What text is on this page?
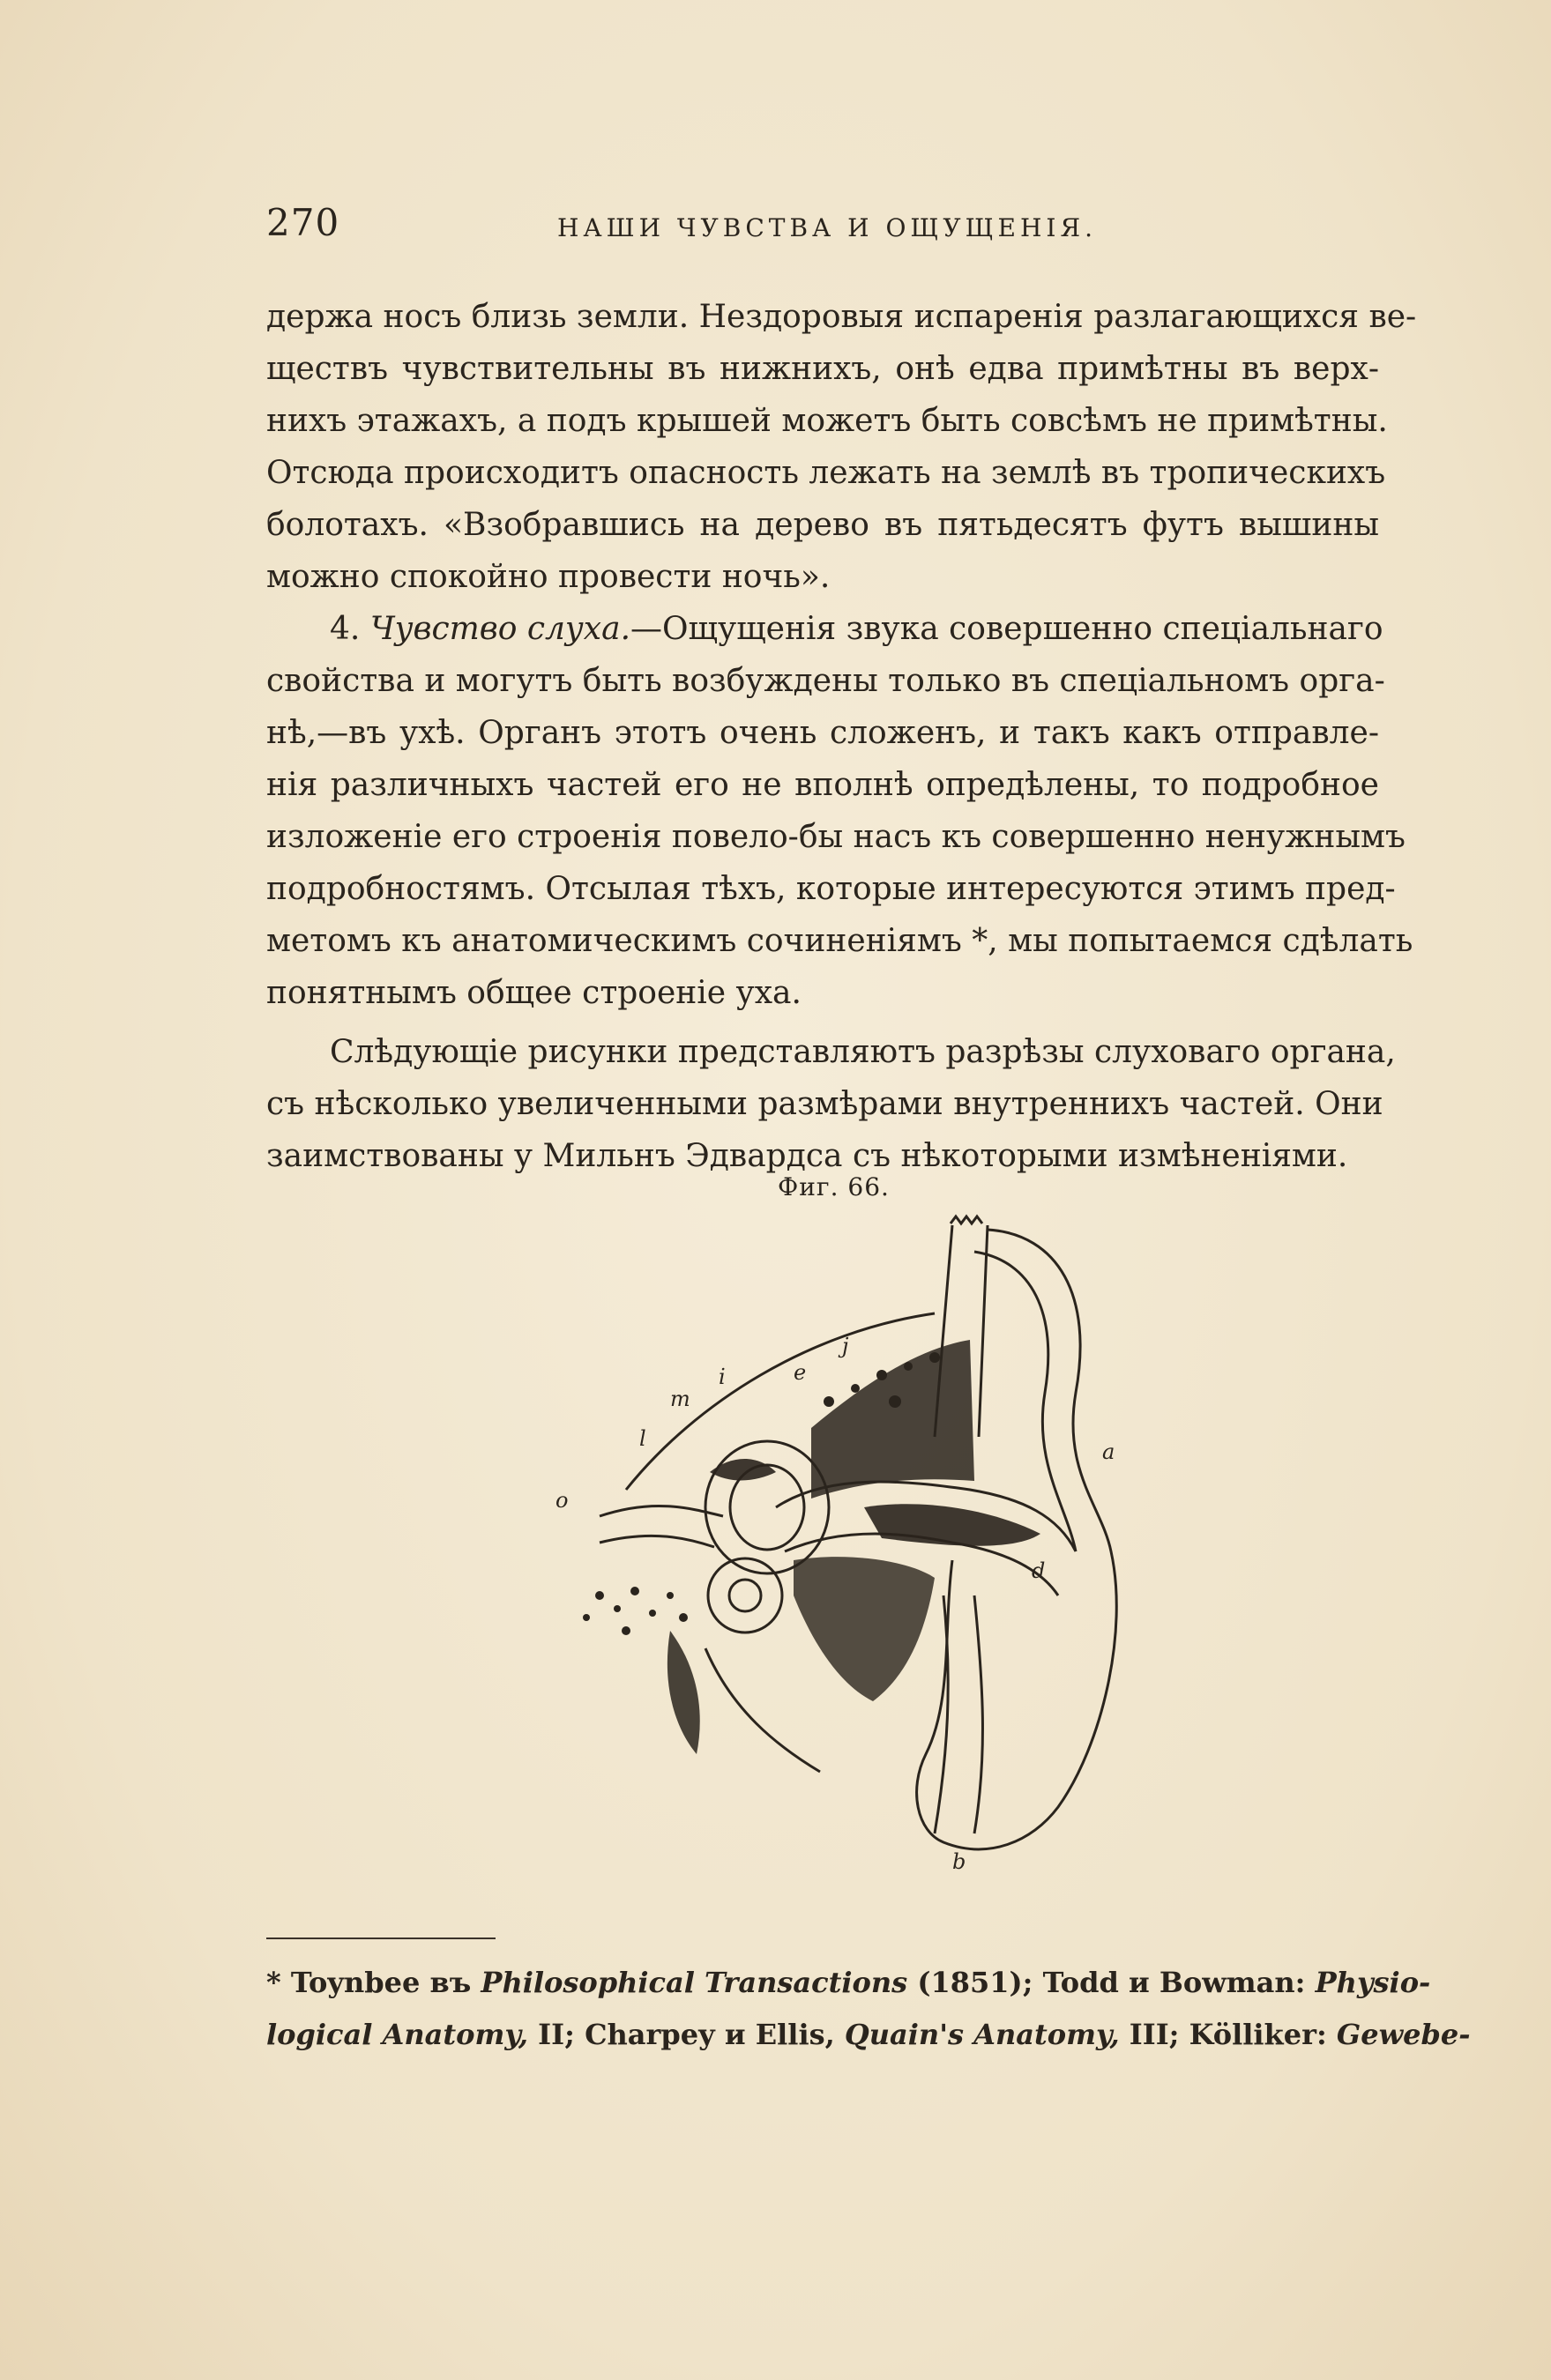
270	НАШИ ЧУВСТВА И ОЩУЩЕНIЯ.
держа носъ близь земли. Нездоровыя испаренiя разлагающихся ве-
ществъ чувствительны въ нижнихъ, онѣ едва примѣтны въ верх-
нихъ этажахъ, а подъ крышей можетъ быть совсѣмъ не примѣтны.
Отсюда происходитъ опасность лежать на землѣ въ тропическихъ
болотахъ. «Взобравшись на дерево въ пятьдесятъ футъ вышины
можно спокойно провести ночь».
4. Чувство слуха.—Ощущенiя звука совершенно спецiальнаго
свойства и могутъ быть возбуждены только въ спецiальномъ орга-
нѣ,—въ ухѣ. Органъ этотъ очень сложенъ, и такъ какъ отправле-
нiя различныхъ частей его не вполнѣ опредѣлены, то подробное
изложенiе его строенiя повело-бы насъ къ совершенно ненужнымъ
подробностямъ. Отсылая тѣхъ, которые интересуются этимъ пред-
метомъ къ анатомическимъ сочиненiямъ *, мы попытаемся сдѣлать
понятнымъ общее строенiе уха.
Слѣдующiе рисунки представляютъ разрѣзы слуховаго органа,
съ нѣсколько увеличенными размѣрами внутреннихъ частей. Они
заимствованы у Мильнъ Эдвардса съ нѣкоторыми измѣненiями.
Фиг. 66.
o
l
m
i	e
j
a
d
b
* Toynbee въ Philosophical Transactions (1851); Todd и Bowman: Physio-
logical Anatomy, II; Charpey и Ellis, Quain's Anatomy, III; Kölliker: Gewebe-
